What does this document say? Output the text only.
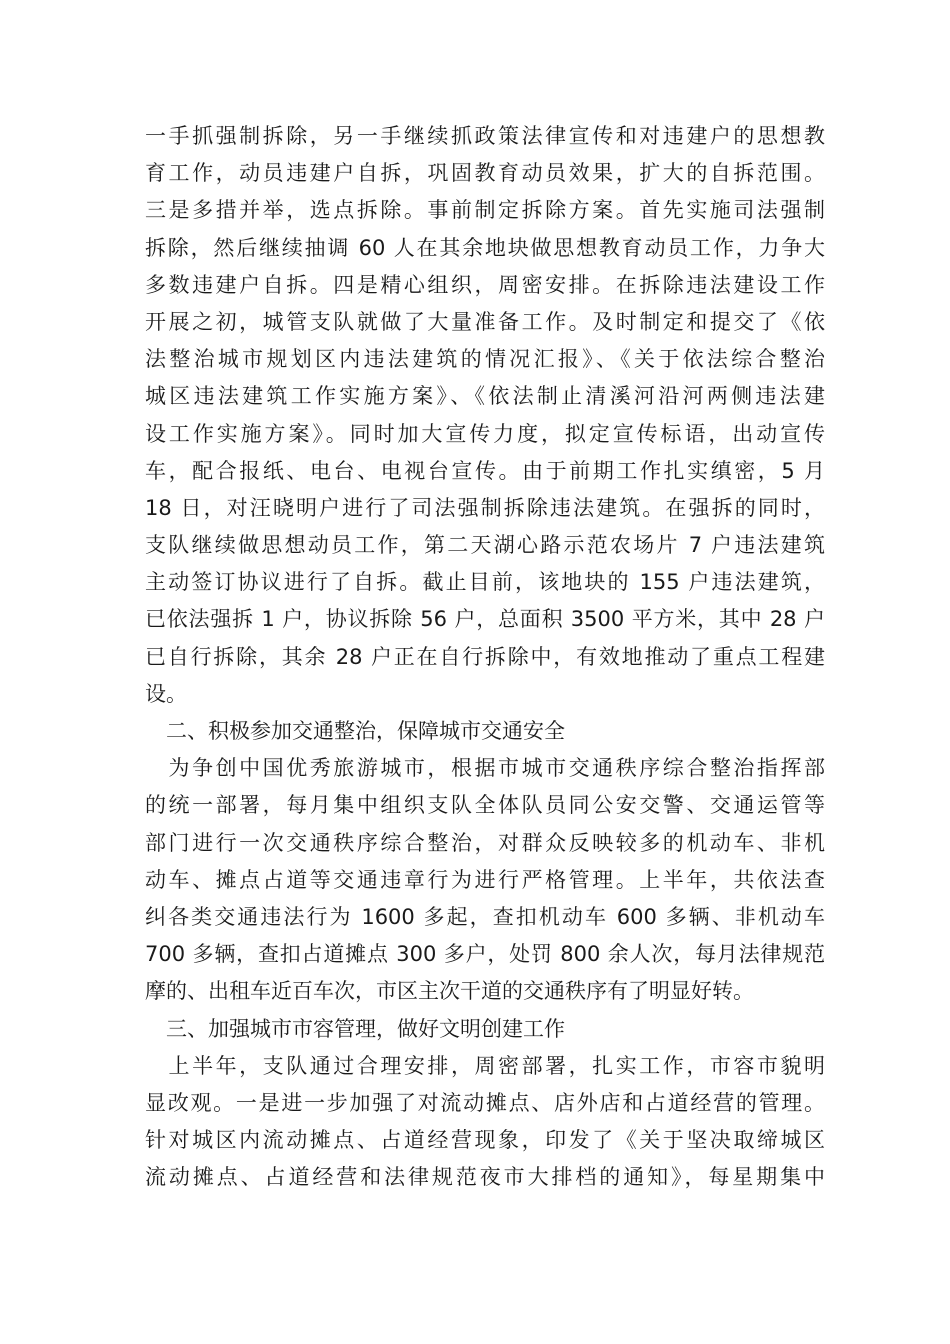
一手抓强制拆除，另一手继续抓政策法律宣传和对违建户的思想教
育工作，动员违建户自拆，巩固教育动员效果，扩大的自拆范围。
三是多措并举，选点拆除。事前制定拆除方案。首先实施司法强制
拆除，然后继续抽调 60 人在其余地块做思想教育动员工作，力争大
多数违建户自拆。四是精心组织，周密安排。在拆除违法建设工作
开展之初，城管支队就做了大量准备工作。及时制定和提交了《依
法整治城市规划区内违法建筑的情况汇报》、《关于依法综合整治
城区违法建筑工作实施方案》、《依法制止清溪河沿河两侧违法建
设工作实施方案》。同时加大宣传力度，拟定宣传标语，出动宣传
车，配合报纸、电台、电视台宣传。由于前期工作扎实缜密，5 月
18 日，对汪晓明户进行了司法强制拆除违法建筑。在强拆的同时，
支队继续做思想动员工作，第二天湖心路示范农场片 7 户违法建筑
主动签订协议进行了自拆。截止目前，该地块的 155 户违法建筑，
已依法强拆 1 户，协议拆除 56 户，总面积 3500 平方米，其中 28 户
已自行拆除，其余 28 户正在自行拆除中，有效地推动了重点工程建
设。
　二、积极参加交通整治，保障城市交通安全
　为争创中国优秀旅游城市，根据市城市交通秩序综合整治指挥部
的统一部署，每月集中组织支队全体队员同公安交警、交通运管等
部门进行一次交通秩序综合整治，对群众反映较多的机动车、非机
动车、摊点占道等交通违章行为进行严格管理。上半年，共依法查
纠各类交通违法行为 1600 多起，查扣机动车 600 多辆、非机动车
700 多辆，查扣占道摊点 300 多户，处罚 800 余人次，每月法律规范
摩的、出租车近百车次，市区主次干道的交通秩序有了明显好转。
　三、加强城市市容管理，做好文明创建工作
　上半年，支队通过合理安排，周密部署，扎实工作，市容市貌明
显改观。一是进一步加强了对流动摊点、店外店和占道经营的管理。
针对城区内流动摊点、占道经营现象，印发了《关于坚决取缔城区
流动摊点、占道经营和法律规范夜市大排档的通知》，每星期集中
